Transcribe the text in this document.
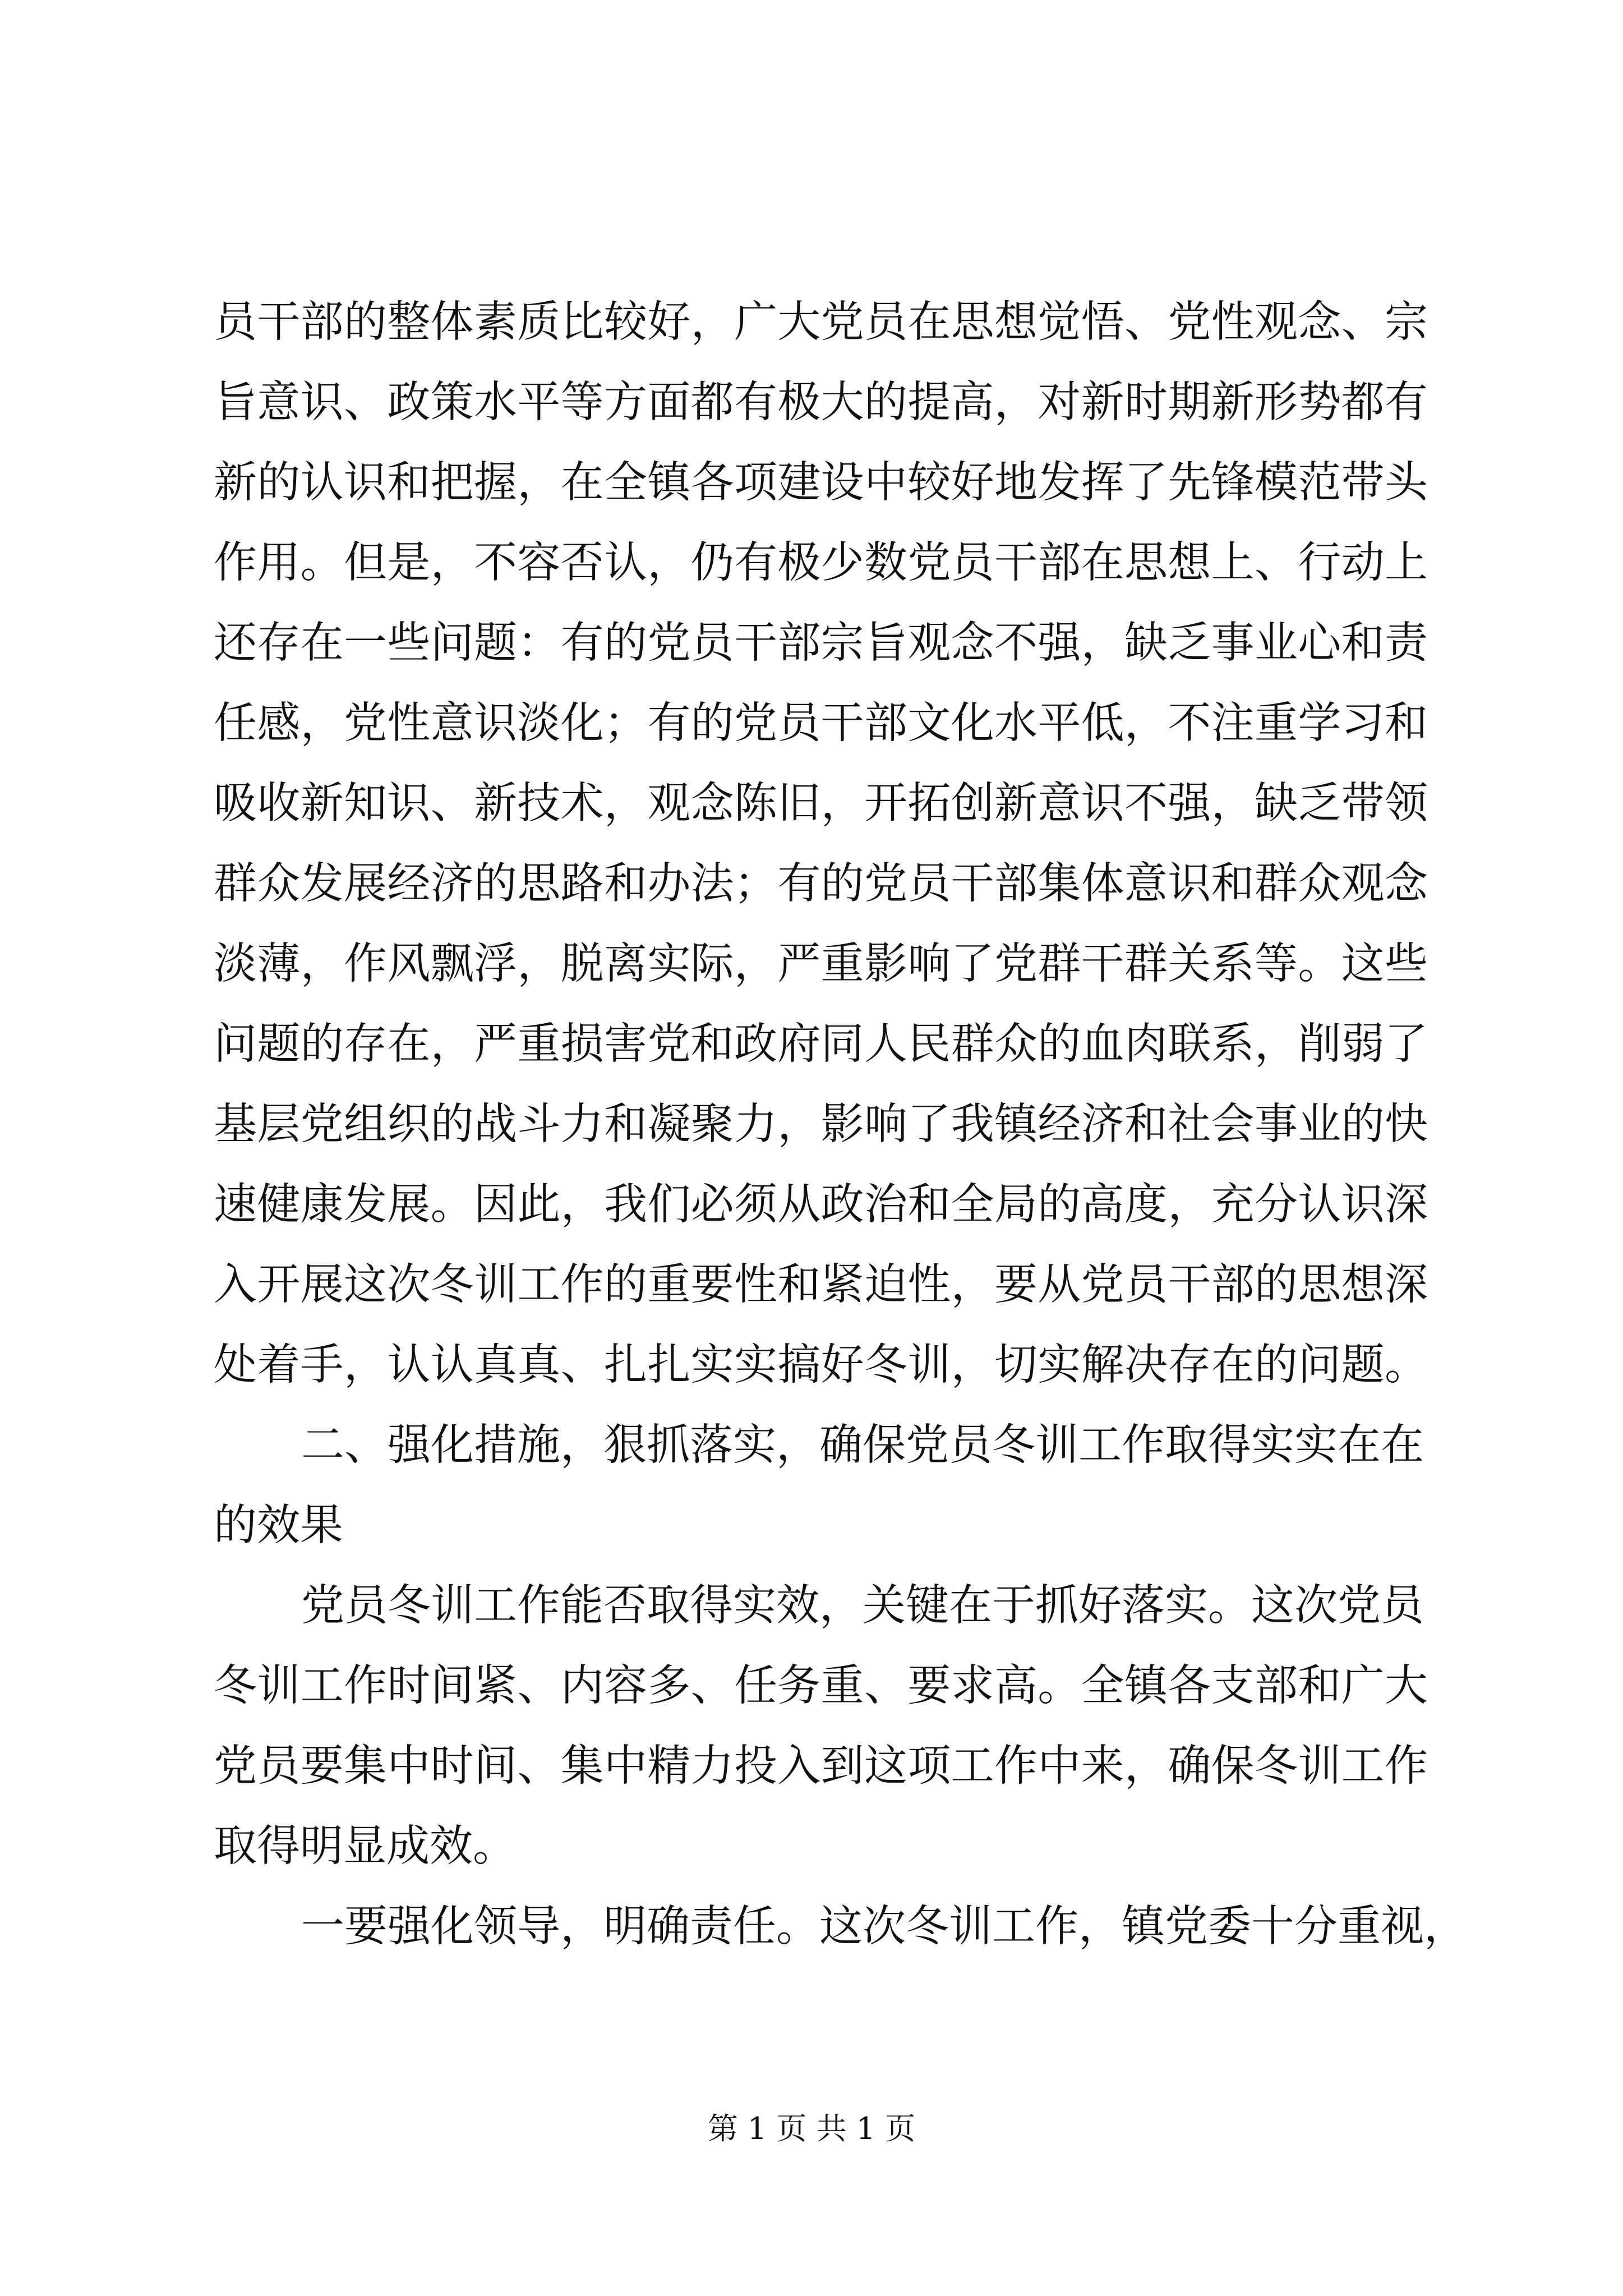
员干部的整体素质比较好，广大党员在思想觉悟、党性观念、宗
旨意识、政策水平等方面都有极大的提高，对新时期新形势都有
新的认识和把握，在全镇各项建设中较好地发挥了先锋模范带头
作用。但是，不容否认，仍有极少数党员干部在思想上、行动上
还存在一些问题：有的党员干部宗旨观念不强，缺乏事业心和责
任感，党性意识淡化；有的党员干部文化水平低，不注重学习和
吸收新知识、新技术，观念陈旧，开拓创新意识不强，缺乏带领
群众发展经济的思路和办法；有的党员干部集体意识和群众观念
淡薄，作风飘浮，脱离实际，严重影响了党群干群关系等。这些
问题的存在，严重损害党和政府同人民群众的血肉联系，削弱了
基层党组织的战斗力和凝聚力，影响了我镇经济和社会事业的快
速健康发展。因此，我们必须从政治和全局的高度，充分认识深
入开展这次冬训工作的重要性和紧迫性，要从党员干部的思想深
处着手，认认真真、扎扎实实搞好冬训，切实解决存在的问题。
二、强化措施，狠抓落实，确保党员冬训工作取得实实在在
的效果
党员冬训工作能否取得实效，关键在于抓好落实。这次党员
冬训工作时间紧、内容多、任务重、要求高。全镇各支部和广大
党员要集中时间、集中精力投入到这项工作中来，确保冬训工作
取得明显成效。
一要强化领导，明确责任。这次冬训工作，镇党委十分重视，
第 1 页 共 1 页
